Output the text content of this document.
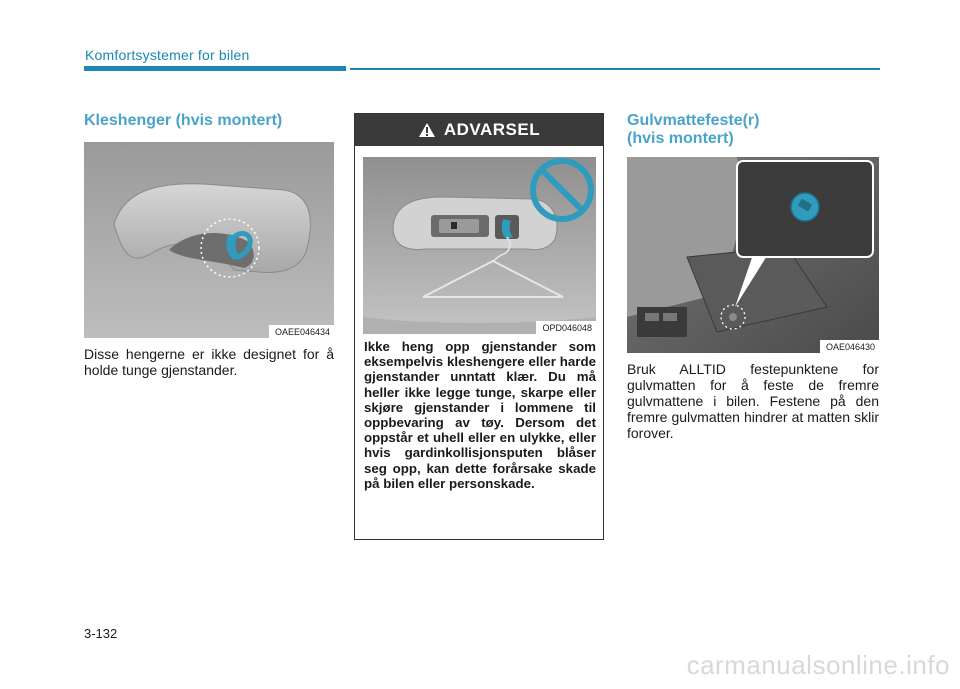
Komfortsystemer for bilen
Kleshenger (hvis montert)
OAEE046434
Disse hengerne er ikke designet for å holde tunge gjenstander.
ADVARSEL
OPD046048
Ikke heng opp gjenstander som eksempelvis kleshengere eller harde gjenstander unntatt klær. Du må heller ikke legge tunge, skarpe eller skjøre gjenstander i lommene til oppbevaring av tøy. Dersom det oppstår et uhell eller en ulykke, eller hvis gardinkollisjonsputen blåser seg opp, kan dette forårsake skade på bilen eller personskade.
Gulvmattefeste(r)
(hvis montert)
OAE046430
Bruk ALLTID festepunktene for gulvmatten for å feste de fremre gulvmattene i bilen. Festene på den fremre gulvmatten hindrer at matten sklir forover.
3-132
carmanualsonline.info
